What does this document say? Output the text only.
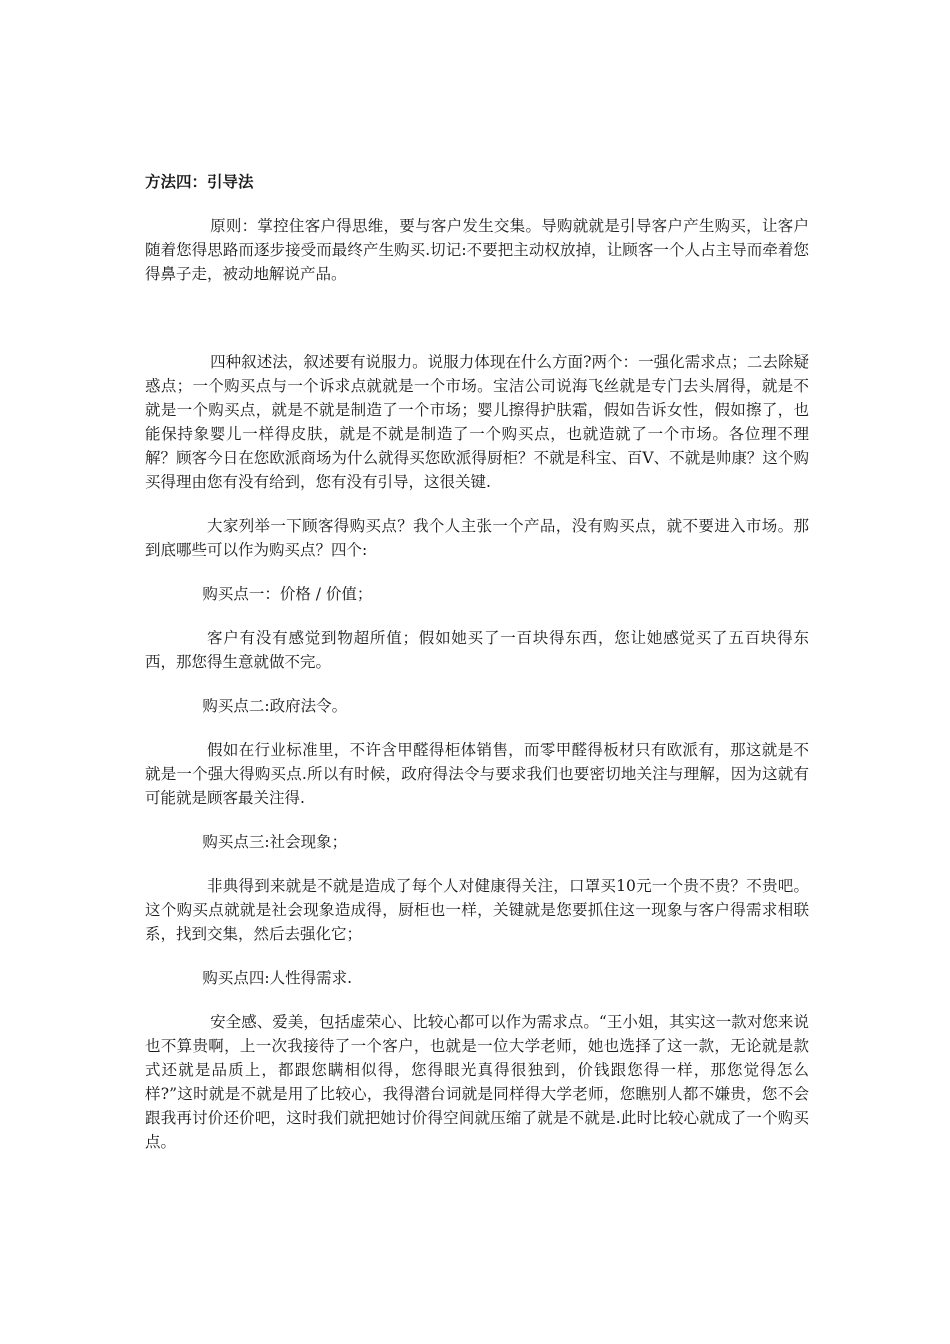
方法四：引导法

原则：掌控住客户得思维，要与客户发生交集。导购就就是引导客户产生购买，让客户随着您得思路而逐步接受而最终产生购买.切记:不要把主动权放掉，让顾客一个人占主导而牵着您得鼻子走，被动地解说产品。

四种叙述法，叙述要有说服力。说服力体现在什么方面?两个：一强化需求点；二去除疑惑点；一个购买点与一个诉求点就就是一个市场。宝洁公司说海飞丝就是专门去头屑得，就是不就是一个购买点，就是不就是制造了一个市场；婴儿擦得护肤霜，假如告诉女性，假如擦了，也能保持象婴儿一样得皮肤，就是不就是制造了一个购买点，也就造就了一个市场。各位理不理解？顾客今日在您欧派商场为什么就得买您欧派得厨柜？不就是科宝、百V、不就是帅康？这个购买得理由您有没有给到，您有没有引导，这很关键.

大家列举一下顾客得购买点？我个人主张一个产品，没有购买点，就不要进入市场。那到底哪些可以作为购买点？四个:

购买点一：价格 / 价值；

客户有没有感觉到物超所值；假如她买了一百块得东西，您让她感觉买了五百块得东西，那您得生意就做不完。

购买点二:政府法令。

假如在行业标准里，不许含甲醛得柜体销售，而零甲醛得板材只有欧派有，那这就是不就是一个强大得购买点.所以有时候，政府得法令与要求我们也要密切地关注与理解，因为这就有可能就是顾客最关注得.

购买点三:社会现象；

非典得到来就是不就是造成了每个人对健康得关注，口罩买10元一个贵不贵？不贵吧。这个购买点就就是社会现象造成得，厨柜也一样，关键就是您要抓住这一现象与客户得需求相联系，找到交集，然后去强化它；

购买点四:人性得需求.

安全感、爱美，包括虚荣心、比较心都可以作为需求点。“王小姐，其实这一款对您来说也不算贵啊，上一次我接待了一个客户，也就是一位大学老师，她也选择了这一款，无论就是款式还就是品质上，都跟您瞒相似得，您得眼光真得很独到，价钱跟您得一样，那您觉得怎么样?”这时就是不就是用了比较心，我得潜台词就是同样得大学老师，您瞧别人都不嫌贵，您不会跟我再讨价还价吧，这时我们就把她讨价得空间就压缩了就是不就是.此时比较心就成了一个购买点。
